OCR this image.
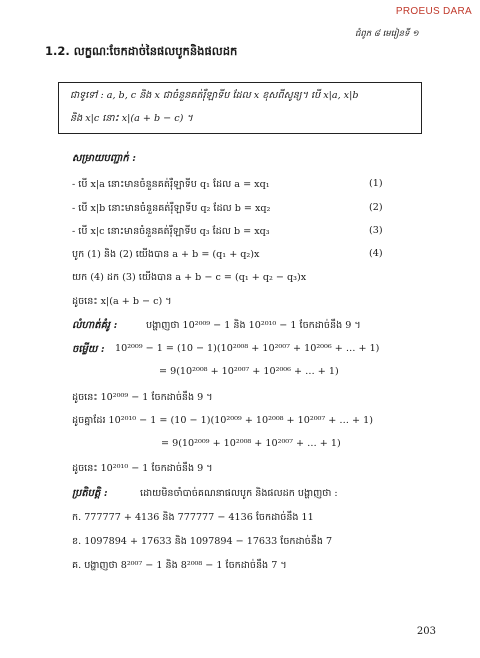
PROEUS DARA
ជំពូក ៨ មេរៀនទី ១
1.2. លក្ខណៈចែកដាច់នៃផលបូកនិងផលដក
ជាទូទៅ : a, b, c និង x ជាចំនួនគត់រ៉ឺឡាទីប ដែល x ខុសពីសូន្យ។ បើ x|a, x|b
និង x|c នោះ x|(a + b − c) ។
សម្រាយបញ្ជាក់ :
- បើ x|a នោះមានចំនួនគត់រ៉ឺឡាទីប q₁ ដែល a = xq₁	(1)
- បើ x|b នោះមានចំនួនគត់រ៉ឺឡាទីប q₂ ដែល b = xq₂	(2)
- បើ x|c នោះមានចំនួនគត់រ៉ឺឡាទីប q₃ ដែល b = xq₃	(3)
បូក (1) និង (2) យើងបាន a + b = (q₁ + q₂)x	(4)
យក (4) ដក (3) យើងបាន a + b − c = (q₁ + q₂ − q₃)x
ដូចនេះ x|(a + b − c) ។
លំហាត់គំរូ :	បង្ហាញថា 10²⁰⁰⁹ − 1 និង 10²⁰¹⁰ − 1 ចែកដាច់នឹង 9 ។
ចម្លើយ : 10²⁰⁰⁹ − 1 = (10 − 1)(10²⁰⁰⁸ + 10²⁰⁰⁷ + 10²⁰⁰⁶ + … + 1)
= 9(10²⁰⁰⁸ + 10²⁰⁰⁷ + 10²⁰⁰⁶ + … + 1)
ដូចនេះ 10²⁰⁰⁹ − 1 ចែកដាច់នឹង 9 ។
ដូចគ្នាដែរ 10²⁰¹⁰ − 1 = (10 − 1)(10²⁰⁰⁹ + 10²⁰⁰⁸ + 10²⁰⁰⁷ + … + 1)
= 9(10²⁰⁰⁹ + 10²⁰⁰⁸ + 10²⁰⁰⁷ + … + 1)
ដូចនេះ 10²⁰¹⁰ − 1 ចែកដាច់នឹង 9 ។
ប្រតិបត្តិ :	ដោយមិនចាំបាច់គណនាផលបូក និងផលដក បង្ហាញថា :
ក. 777777 + 4136 និង 777777 − 4136 ចែកដាច់នឹង 11
ខ. 1097894 + 17633 និង 1097894 − 17633 ចែកដាច់នឹង 7
គ. បង្ហាញថា 8²⁰⁰⁷ − 1 និង 8²⁰⁰⁸ − 1 ចែកដាច់នឹង 7 ។
203
